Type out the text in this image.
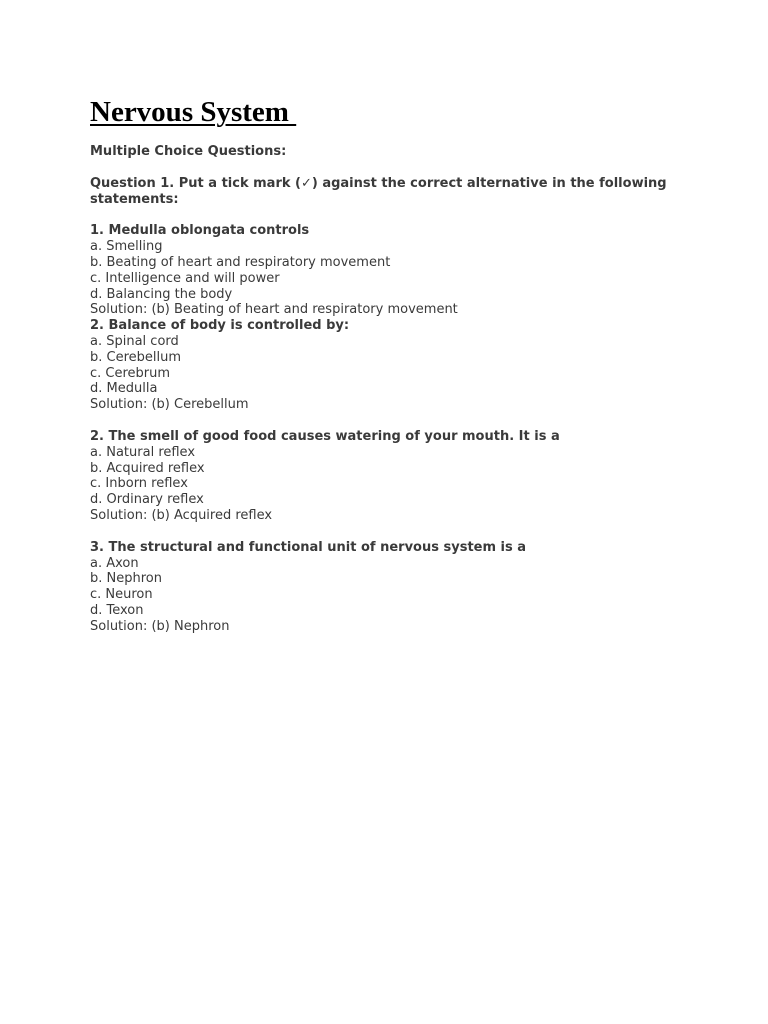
Nervous System

Multiple Choice Questions:

Question 1. Put a tick mark (✓) against the correct alternative in the following statements:

1. Medulla oblongata controls

a. Smelling

b. Beating of heart and respiratory movement

c. Intelligence and will power

d. Balancing the body

Solution: (b) Beating of heart and respiratory movement

2. Balance of body is controlled by:

a. Spinal cord

b. Cerebellum

c. Cerebrum

d. Medulla

Solution: (b) Cerebellum

2. The smell of good food causes watering of your mouth. It is a

a. Natural reflex

b. Acquired reflex

c. Inborn reflex

d. Ordinary reflex

Solution: (b) Acquired reflex

3. The structural and functional unit of nervous system is a

a. Axon

b. Nephron

c. Neuron

d. Texon

Solution: (b) Nephron
